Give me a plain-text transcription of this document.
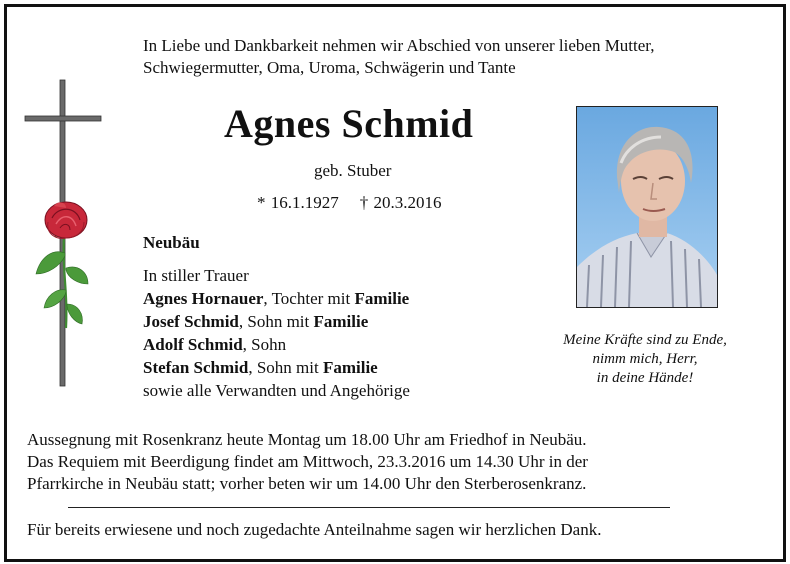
In Liebe und Dankbarkeit nehmen wir Abschied von unserer lieben Mutter,
Schwiegermutter, Oma, Uroma, Schwägerin und Tante
Agnes Schmid
geb. Stuber
* 16.1.1927 † 20.3.2016
Neubäu
In stiller Trauer
Agnes Hornauer, Tochter mit Familie
Josef Schmid, Sohn mit Familie
Adolf Schmid, Sohn
Stefan Schmid, Sohn mit Familie
sowie alle Verwandten und Angehörige
Meine Kräfte sind zu Ende,
nimm mich, Herr,
in deine Hände!
Aussegnung mit Rosenkranz heute Montag um 18.00 Uhr am Friedhof in Neubäu.
Das Requiem mit Beerdigung findet am Mittwoch, 23.3.2016 um 14.30 Uhr in der
Pfarrkirche in Neubäu statt; vorher beten wir um 14.00 Uhr den Sterberosenkranz.
Für bereits erwiesene und noch zugedachte Anteilnahme sagen wir herzlichen Dank.
